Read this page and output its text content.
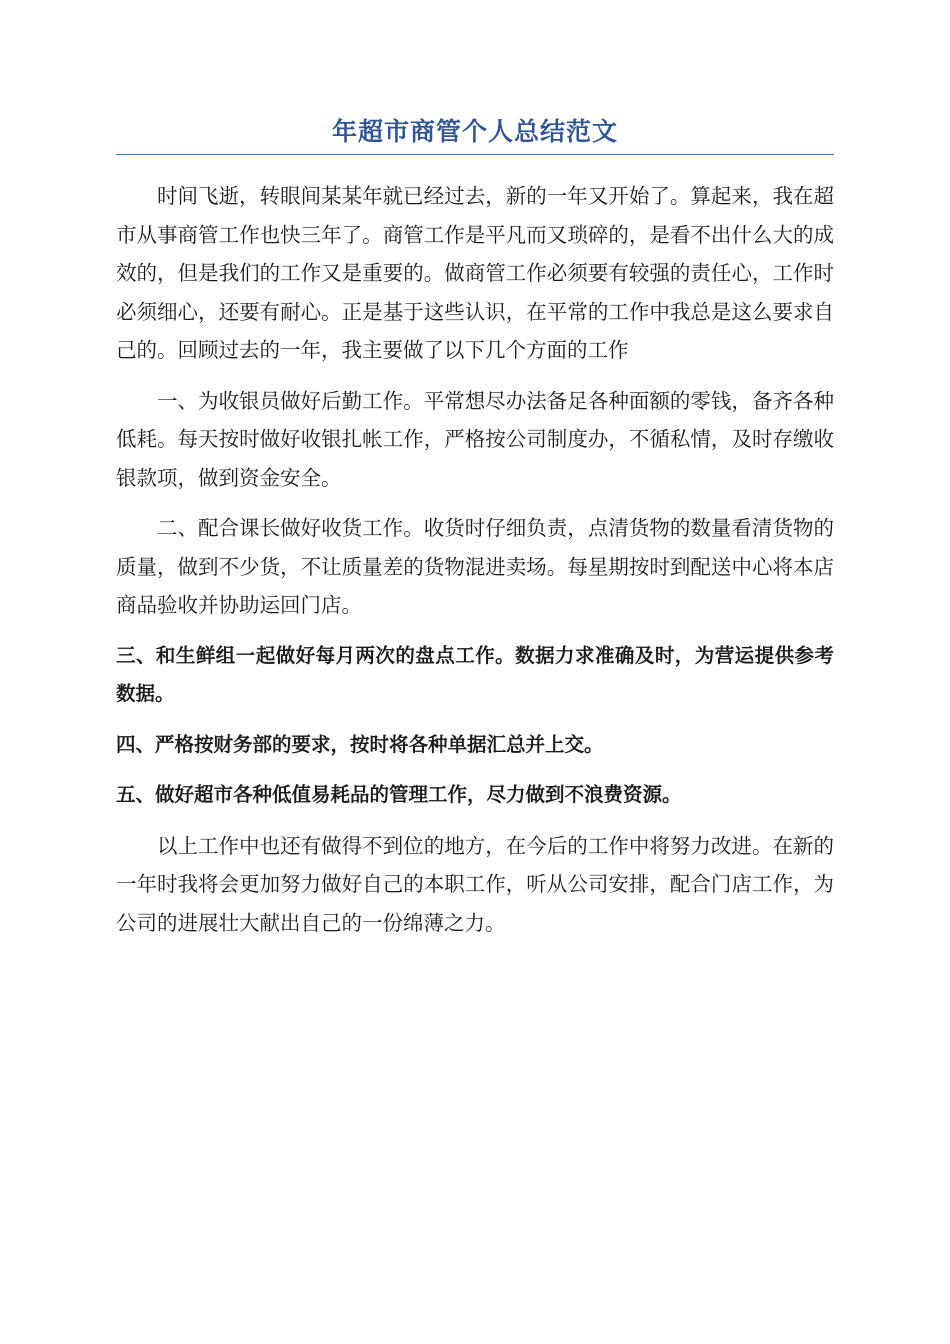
年超市商管个人总结范文

时间飞逝，转眼间某某年就已经过去，新的一年又开始了。算起来，我在超市从事商管工作也快三年了。商管工作是平凡而又琐碎的，是看不出什么大的成效的，但是我们的工作又是重要的。做商管工作必须要有较强的责任心，工作时必须细心，还要有耐心。正是基于这些认识，在平常的工作中我总是这么要求自己的。回顾过去的一年，我主要做了以下几个方面的工作

一、为收银员做好后勤工作。平常想尽办法备足各种面额的零钱，备齐各种低耗。每天按时做好收银扎帐工作，严格按公司制度办，不循私情，及时存缴收银款项，做到资金安全。

二、配合课长做好收货工作。收货时仔细负责，点清货物的数量看清货物的质量，做到不少货，不让质量差的货物混进卖场。每星期按时到配送中心将本店商品验收并协助运回门店。

三、和生鲜组一起做好每月两次的盘点工作。数据力求准确及时，为营运提供参考数据。

四、严格按财务部的要求，按时将各种单据汇总并上交。

五、做好超市各种低值易耗品的管理工作，尽力做到不浪费资源。

以上工作中也还有做得不到位的地方，在今后的工作中将努力改进。在新的一年时我将会更加努力做好自己的本职工作，听从公司安排，配合门店工作，为公司的进展壮大献出自己的一份绵薄之力。
